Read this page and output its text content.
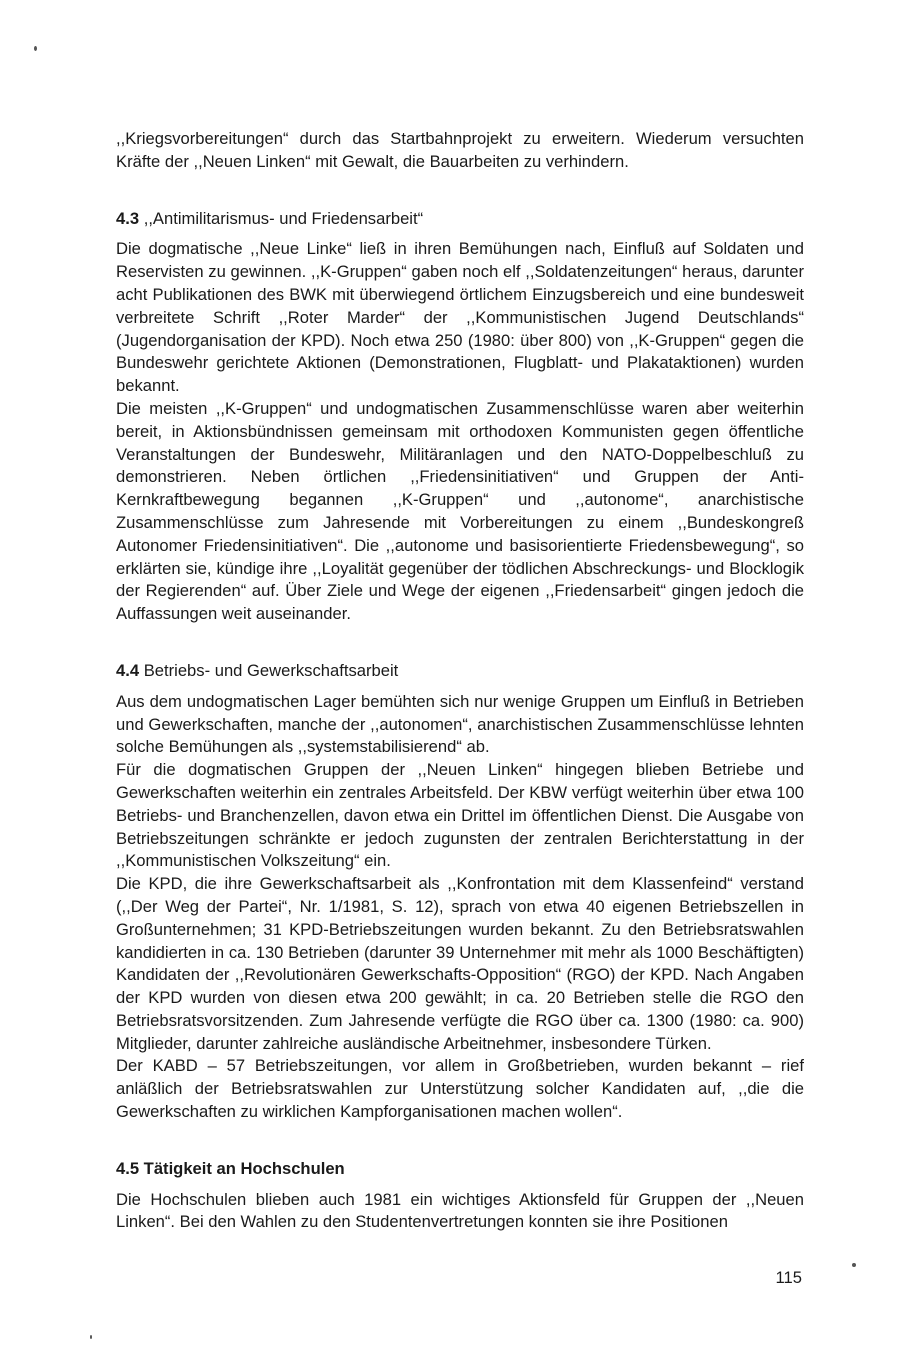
,,Kriegsvorbereitungen“ durch das Startbahnprojekt zu erweitern. Wiederum versuchten Kräfte der ,,Neuen Linken“ mit Gewalt, die Bauarbeiten zu verhindern.

4.3 ,,Antimilitarismus- und Friedensarbeit“

Die dogmatische ,,Neue Linke“ ließ in ihren Bemühungen nach, Einfluß auf Soldaten und Reservisten zu gewinnen. ,,K-Gruppen“ gaben noch elf ,,Soldatenzeitungen“ heraus, darunter acht Publikationen des BWK mit überwiegend örtlichem Einzugsbereich und eine bundesweit verbreitete Schrift ,,Roter Marder“ der ,,Kommunistischen Jugend Deutschlands“ (Jugendorganisation der KPD). Noch etwa 250 (1980: über 800) von ,,K-Gruppen“ gegen die Bundeswehr gerichtete Aktionen (Demonstrationen, Flugblatt- und Plakataktionen) wurden bekannt.

Die meisten ,,K-Gruppen“ und undogmatischen Zusammenschlüsse waren aber weiterhin bereit, in Aktionsbündnissen gemeinsam mit orthodoxen Kommunisten gegen öffentliche Veranstaltungen der Bundeswehr, Militäranlagen und den NATO-Doppelbeschluß zu demonstrieren. Neben örtlichen ,,Friedensinitiativen“ und Gruppen der Anti-Kernkraftbewegung begannen ,,K-Gruppen“ und ,,autonome“, anarchistische Zusammenschlüsse zum Jahresende mit Vorbereitungen zu einem ,,Bundeskongreß Autonomer Friedensinitiativen“. Die ,,autonome und basisorientierte Friedensbewegung“, so erklärten sie, kündige ihre ,,Loyalität gegenüber der tödlichen Abschreckungs- und Blocklogik der Regierenden“ auf. Über Ziele und Wege der eigenen ,,Friedensarbeit“ gingen jedoch die Auffassungen weit auseinander.

4.4 Betriebs- und Gewerkschaftsarbeit

Aus dem undogmatischen Lager bemühten sich nur wenige Gruppen um Einfluß in Betrieben und Gewerkschaften, manche der ,,autonomen“, anarchistischen Zusammenschlüsse lehnten solche Bemühungen als ,,systemstabilisierend“ ab.

Für die dogmatischen Gruppen der ,,Neuen Linken“ hingegen blieben Betriebe und Gewerkschaften weiterhin ein zentrales Arbeitsfeld. Der KBW verfügt weiterhin über etwa 100 Betriebs- und Branchenzellen, davon etwa ein Drittel im öffentlichen Dienst. Die Ausgabe von Betriebszeitungen schränkte er jedoch zugunsten der zentralen Berichterstattung in der ,,Kommunistischen Volkszeitung“ ein.

Die KPD, die ihre Gewerkschaftsarbeit als ,,Konfrontation mit dem Klassenfeind“ verstand (,,Der Weg der Partei“, Nr. 1/1981, S. 12), sprach von etwa 40 eigenen Betriebszellen in Großunternehmen; 31 KPD-Betriebszeitungen wurden bekannt. Zu den Betriebsratswahlen kandidierten in ca. 130 Betrieben (darunter 39 Unternehmer mit mehr als 1000 Beschäftigten) Kandidaten der ,,Revolutionären Gewerkschafts-Opposition“ (RGO) der KPD. Nach Angaben der KPD wurden von diesen etwa 200 gewählt; in ca. 20 Betrieben stelle die RGO den Betriebsratsvorsitzenden. Zum Jahresende verfügte die RGO über ca. 1300 (1980: ca. 900) Mitglieder, darunter zahlreiche ausländische Arbeitnehmer, insbesondere Türken.

Der KABD – 57 Betriebszeitungen, vor allem in Großbetrieben, wurden bekannt – rief anläßlich der Betriebsratswahlen zur Unterstützung solcher Kandidaten auf, ,,die die Gewerkschaften zu wirklichen Kampforganisationen machen wollen“.

4.5 Tätigkeit an Hochschulen

Die Hochschulen blieben auch 1981 ein wichtiges Aktionsfeld für Gruppen der ,,Neuen Linken“. Bei den Wahlen zu den Studentenvertretungen konnten sie ihre Positionen

115
